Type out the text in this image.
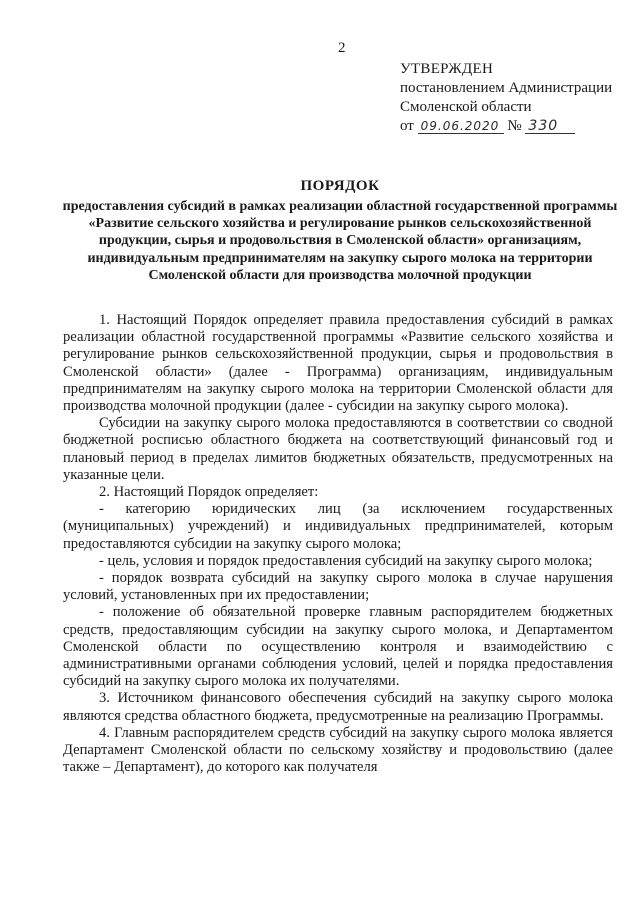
2
УТВЕРЖДЕН
постановлением Администрации
Смоленской области
от 09.06.2020 № 330
ПОРЯДОК
предоставления субсидий в рамках реализации областной государственной программы «Развитие сельского хозяйства и регулирование рынков сельскохозяйственной продукции, сырья и продовольствия в Смоленской области» организациям, индивидуальным предпринимателям на закупку сырого молока на территории Смоленской области для производства молочной продукции

1. Настоящий Порядок определяет правила предоставления субсидий в рамках реализации областной государственной программы «Развитие сельского хозяйства и регулирование рынков сельскохозяйственной продукции, сырья и продовольствия в Смоленской области» (далее - Программа) организациям, индивидуальным предпринимателям на закупку сырого молока на территории Смоленской области для производства молочной продукции (далее - субсидии на закупку сырого молока).

Субсидии на закупку сырого молока предоставляются в соответствии со сводной бюджетной росписью областного бюджета на соответствующий финансовый год и плановый период в пределах лимитов бюджетных обязательств, предусмотренных на указанные цели.

2. Настоящий Порядок определяет:

- категорию юридических лиц (за исключением государственных (муниципальных) учреждений) и индивидуальных предпринимателей, которым предоставляются субсидии на закупку сырого молока;

- цель, условия и порядок предоставления субсидий на закупку сырого молока;

- порядок возврата субсидий на закупку сырого молока в случае нарушения условий, установленных при их предоставлении;

- положение об обязательной проверке главным распорядителем бюджетных средств, предоставляющим субсидии на закупку сырого молока, и Департаментом Смоленской области по осуществлению контроля и взаимодействию с административными органами соблюдения условий, целей и порядка предоставления субсидий на закупку сырого молока их получателями.

3. Источником финансового обеспечения субсидий на закупку сырого молока являются средства областного бюджета, предусмотренные на реализацию Программы.

4. Главным распорядителем средств субсидий на закупку сырого молока является Департамент Смоленской области по сельскому хозяйству и продовольствию (далее также – Департамент), до которого как получателя
